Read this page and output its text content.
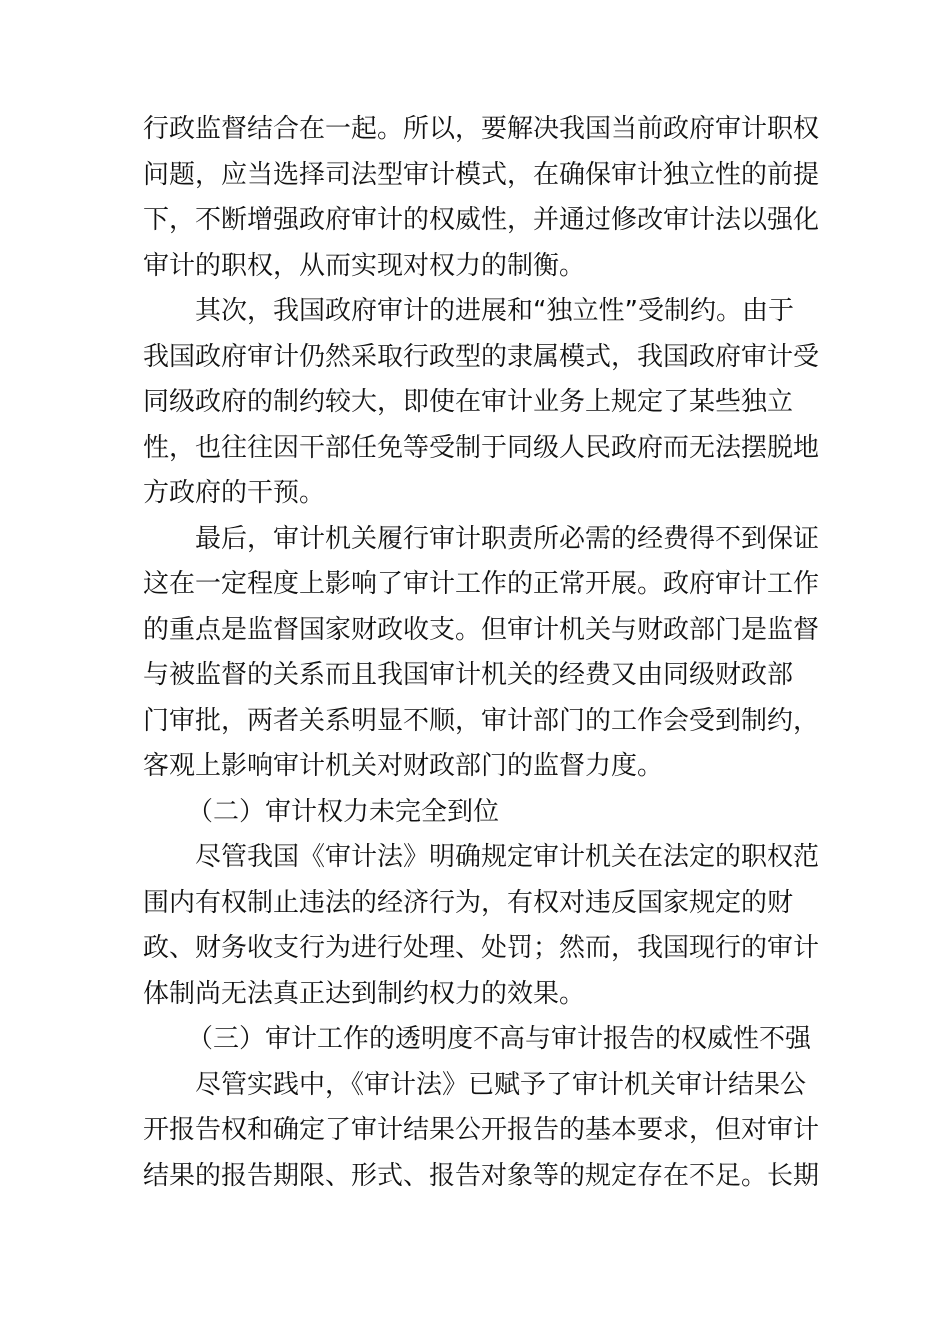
行政监督结合在一起。所以，要解决我国当前政府审计职权
问题，应当选择司法型审计模式，在确保审计独立性的前提
下，不断增强政府审计的权威性，并通过修改审计法以强化
审计的职权，从而实现对权力的制衡。
其次，我国政府审计的进展和“独立性”受制约。由于
我国政府审计仍然采取行政型的隶属模式，我国政府审计受
同级政府的制约较大，即使在审计业务上规定了某些独立
性，也往往因干部任免等受制于同级人民政府而无法摆脱地
方政府的干预。
最后，审计机关履行审计职责所必需的经费得不到保证
这在一定程度上影响了审计工作的正常开展。政府审计工作
的重点是监督国家财政收支。但审计机关与财政部门是监督
与被监督的关系而且我国审计机关的经费又由同级财政部
门审批，两者关系明显不顺，审计部门的工作会受到制约，
客观上影响审计机关对财政部门的监督力度。
（二）审计权力未完全到位
尽管我国《审计法》明确规定审计机关在法定的职权范
围内有权制止违法的经济行为，有权对违反国家规定的财
政、财务收支行为进行处理、处罚；然而，我国现行的审计
体制尚无法真正达到制约权力的效果。
（三）审计工作的透明度不高与审计报告的权威性不强
尽管实践中，《审计法》已赋予了审计机关审计结果公
开报告权和确定了审计结果公开报告的基本要求，但对审计
结果的报告期限、形式、报告对象等的规定存在不足。长期
